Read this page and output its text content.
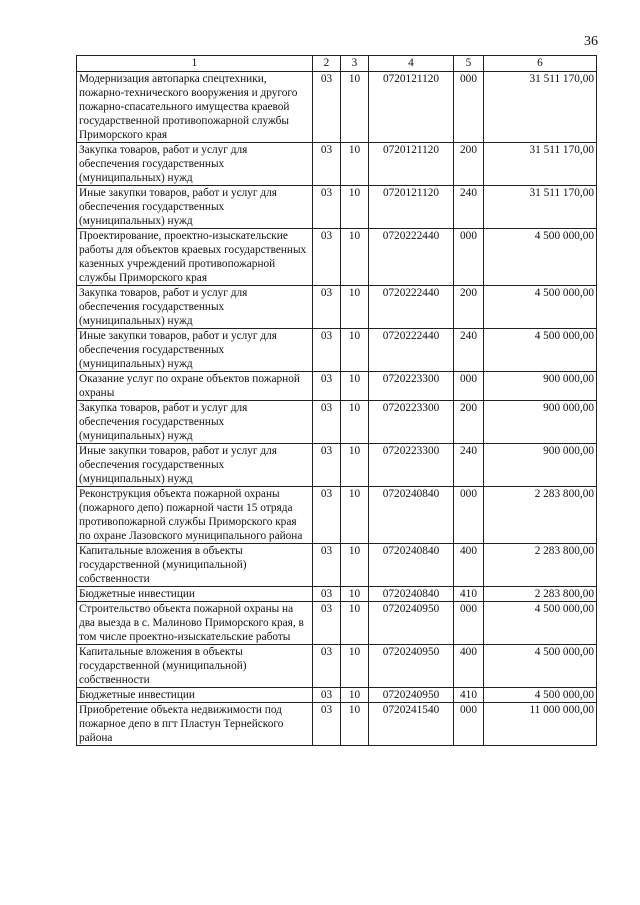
36
1	2	3	4	5	6
Модернизация автопарка спецтехники, пожарно-технического вооружения и другого пожарно-спасательного имущества краевой государственной противопожарной службы Приморского края	03	10	0720121120	000	31 511 170,00
Закупка товаров, работ и услуг для обеспечения государственных (муниципальных) нужд	03	10	0720121120	200	31 511 170,00
Иные закупки товаров, работ и услуг для обеспечения государственных (муниципальных) нужд	03	10	0720121120	240	31 511 170,00
Проектирование, проектно-изыскательские работы для объектов краевых государственных казенных учреждений противопожарной службы Приморского края	03	10	0720222440	000	4 500 000,00
Закупка товаров, работ и услуг для обеспечения государственных (муниципальных) нужд	03	10	0720222440	200	4 500 000,00
Иные закупки товаров, работ и услуг для обеспечения государственных (муниципальных) нужд	03	10	0720222440	240	4 500 000,00
Оказание услуг по охране объектов пожарной охраны	03	10	0720223300	000	900 000,00
Закупка товаров, работ и услуг для обеспечения государственных (муниципальных) нужд	03	10	0720223300	200	900 000,00
Иные закупки товаров, работ и услуг для обеспечения государственных (муниципальных) нужд	03	10	0720223300	240	900 000,00
Реконструкция объекта пожарной охраны (пожарного депо) пожарной части 15 отряда противопожарной службы Приморского края по охране Лазовского муниципального района	03	10	0720240840	000	2 283 800,00
Капитальные вложения в объекты государственной (муниципальной) собственности	03	10	0720240840	400	2 283 800,00
Бюджетные инвестиции	03	10	0720240840	410	2 283 800,00
Строительство объекта пожарной охраны на два выезда в с. Малиново Приморского края, в том числе проектно-изыскательские работы	03	10	0720240950	000	4 500 000,00
Капитальные вложения в объекты государственной (муниципальной) собственности	03	10	0720240950	400	4 500 000,00
Бюджетные инвестиции	03	10	0720240950	410	4 500 000,00
Приобретение объекта недвижимости под пожарное депо в пгт Пластун Тернейского района	03	10	0720241540	000	11 000 000,00
